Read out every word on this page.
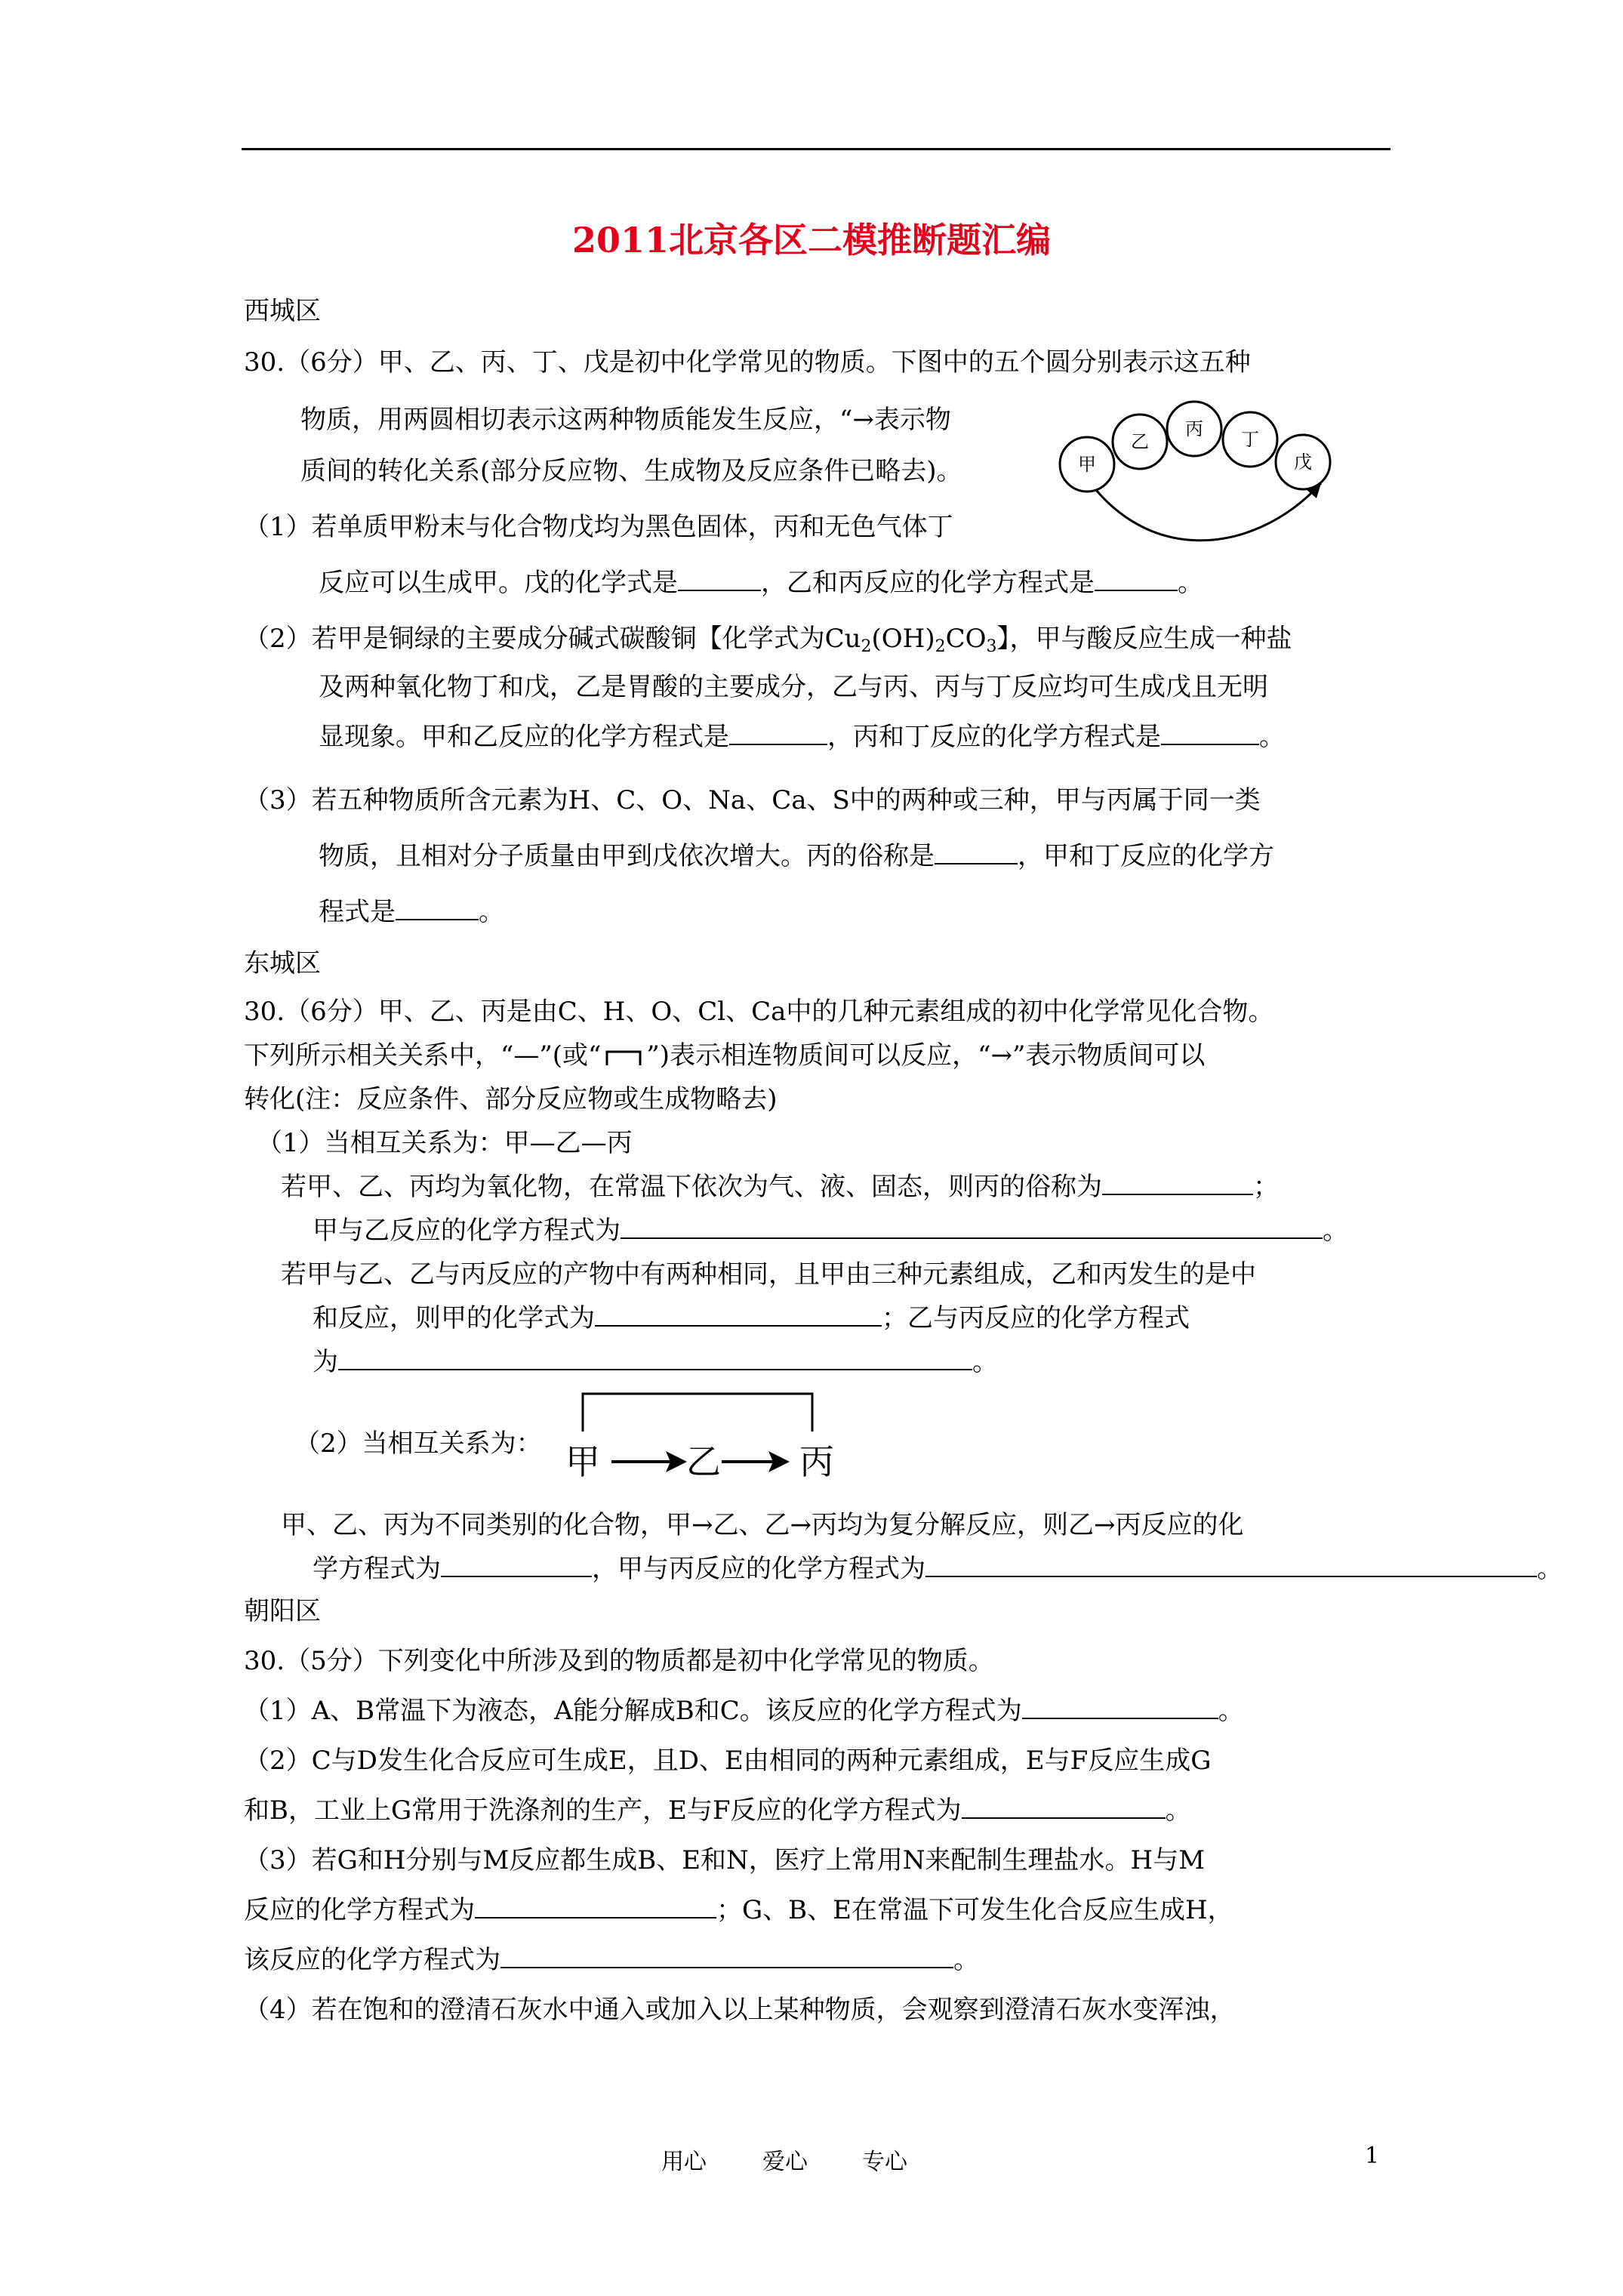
2011北京各区二模推断题汇编
西城区
30.（6分）甲、乙、丙、丁、戊是初中化学常见的物质。下图中的五个圆分别表示这五种
物质，用两圆相切表示这两种物质能发生反应，“→表示物
质间的转化关系(部分反应物、生成物及反应条件已略去)。	甲
乙
丙 丁
戊
（1）若单质甲粉末与化合物戊均为黑色固体，丙和无色气体丁
反应可以生成甲。戊的化学式是	，乙和丙反应的化学方程式是	。
（2）若甲是铜绿的主要成分碱式碳酸铜【化学式为$Cu_2(OH)_2CO_3$】，甲与酸反应生成一种盐
及两种氧化物丁和戊，乙是胃酸的主要成分，乙与丙、丙与丁反应均可生成戊且无明
显现象。甲和乙反应的化学方程式是	，丙和丁反应的化学方程式是	。
（3）若五种物质所含元素为H、C、O、Na、Ca、S中的两种或三种，甲与丙属于同一类
物质，且相对分子质量由甲到戊依次增大。丙的俗称是	，甲和丁反应的化学方
程式是	。
东城区
30.（6分）甲、乙、丙是由C、H、O、Cl、Ca中的几种元素组成的初中化学常见化合物。
下列所示相关关系中，“—”(或“ ”)表示相连物质间可以反应，“→”表示物质间可以
转化(注：反应条件、部分反应物或生成物略去)
（1）当相互关系为：甲—乙—丙
若甲、乙、丙均为氧化物，在常温下依次为气、液、固态，则丙的俗称为	；
甲与乙反应的化学方程式为	。
若甲与乙、乙与丙反应的产物中有两种相同，且甲由三种元素组成，乙和丙发生的是中
和反应，则甲的化学式为	；乙与丙反应的化学方程式
为	。
（2）当相互关系为： 甲 乙 丙
甲、乙、丙为不同类别的化合物，甲→乙、乙→丙均为复分解反应，则乙→丙反应的化
学方程式为	，甲与丙反应的化学方程式为	。
朝阳区
30.（5分）下列变化中所涉及到的物质都是初中化学常见的物质。
（1）A、B常温下为液态，A能分解成B和C。该反应的化学方程式为	。
（2）C与D发生化合反应可生成E，且D、E由相同的两种元素组成，E与F反应生成G
和B，工业上G常用于洗涤剂的生产，E与F反应的化学方程式为	。
（3）若G和H分别与M反应都生成B、E和N，医疗上常用N来配制生理盐水。H与M
反应的化学方程式为	；G、B、E在常温下可发生化合反应生成H，
该反应的化学方程式为	。
（4）若在饱和的澄清石灰水中通入或加入以上某种物质，会观察到澄清石灰水变浑浊，
用心 爱心 专心	1
